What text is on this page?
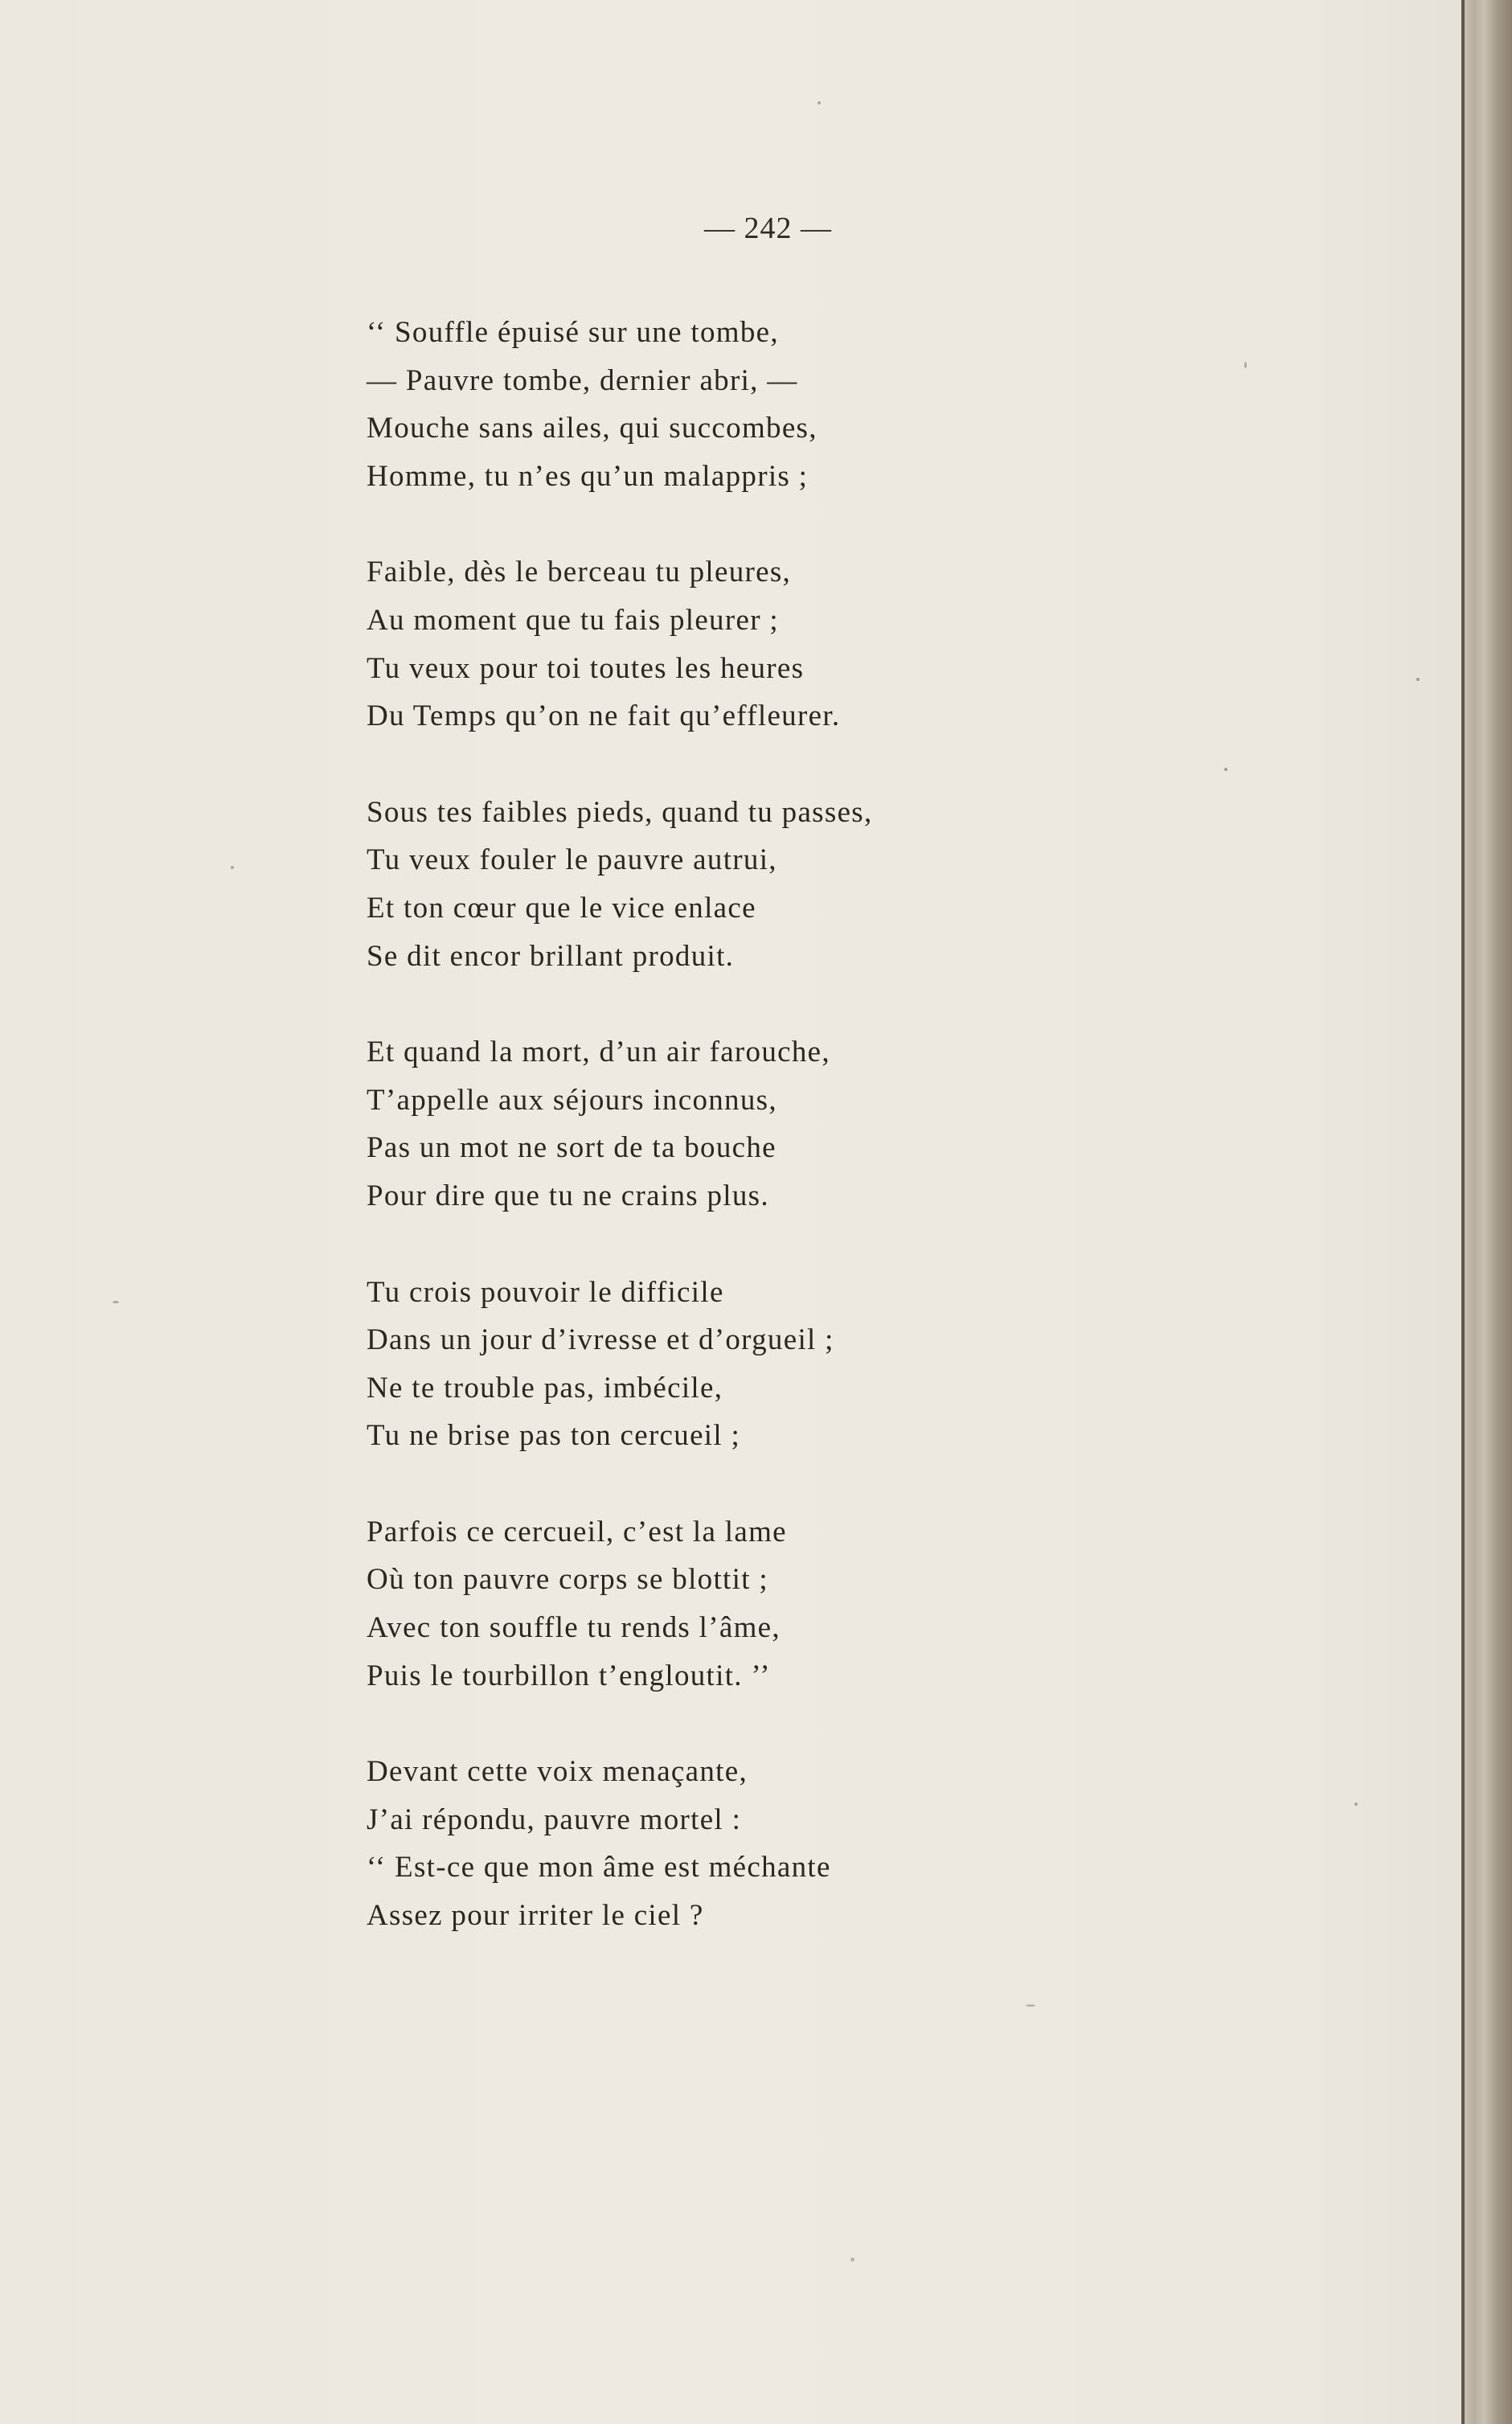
— 242 —
‘‘ Souffle épuisé sur une tombe,
— Pauvre tombe, dernier abri, —
Mouche sans ailes, qui succombes,
Homme, tu n’es qu’un malappris ;
Faible, dès le berceau tu pleures,
Au moment que tu fais pleurer ;
Tu veux pour toi toutes les heures
Du Temps qu’on ne fait qu’effleurer.
Sous tes faibles pieds, quand tu passes,
Tu veux fouler le pauvre autrui,
Et ton cœur que le vice enlace
Se dit encor brillant produit.
Et quand la mort, d’un air farouche,
T’appelle aux séjours inconnus,
Pas un mot ne sort de ta bouche
Pour dire que tu ne crains plus.
Tu crois pouvoir le difficile
Dans un jour d’ivresse et d’orgueil ;
Ne te trouble pas, imbécile,
Tu ne brise pas ton cercueil ;
Parfois ce cercueil, c’est la lame
Où ton pauvre corps se blottit ;
Avec ton souffle tu rends l’âme,
Puis le tourbillon t’engloutit. ’’
Devant cette voix menaçante,
J’ai répondu, pauvre mortel :
‘‘ Est-ce que mon âme est méchante
Assez pour irriter le ciel ?
